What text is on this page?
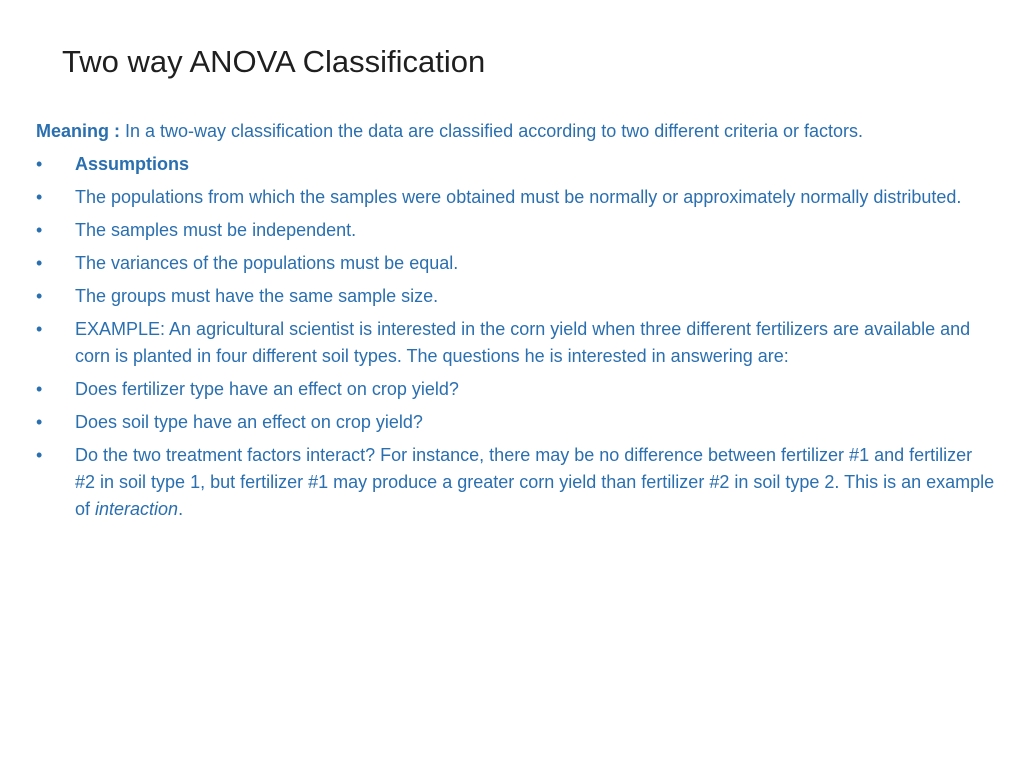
Two way ANOVA Classification

Meaning : In a two-way classification the data are classified according to two different criteria or factors.

•	Assumptions
•	The populations from which the samples were obtained must be normally or approximately normally distributed.
•	The samples must be independent.
•	The variances of the populations must be equal.
•	The groups must have the same sample size.
•	EXAMPLE: An agricultural scientist is interested in the corn yield when three different fertilizers are available and corn is planted in four different soil types. The questions he is interested in answering are:
•	Does fertilizer type have an effect on crop yield?
•	Does soil type have an effect on crop yield?
•	Do the two treatment factors interact? For instance, there may be no difference between fertilizer #1 and fertilizer #2 in soil type 1, but fertilizer #1 may produce a greater corn yield than fertilizer #2 in soil type 2. This is an example of interaction.
